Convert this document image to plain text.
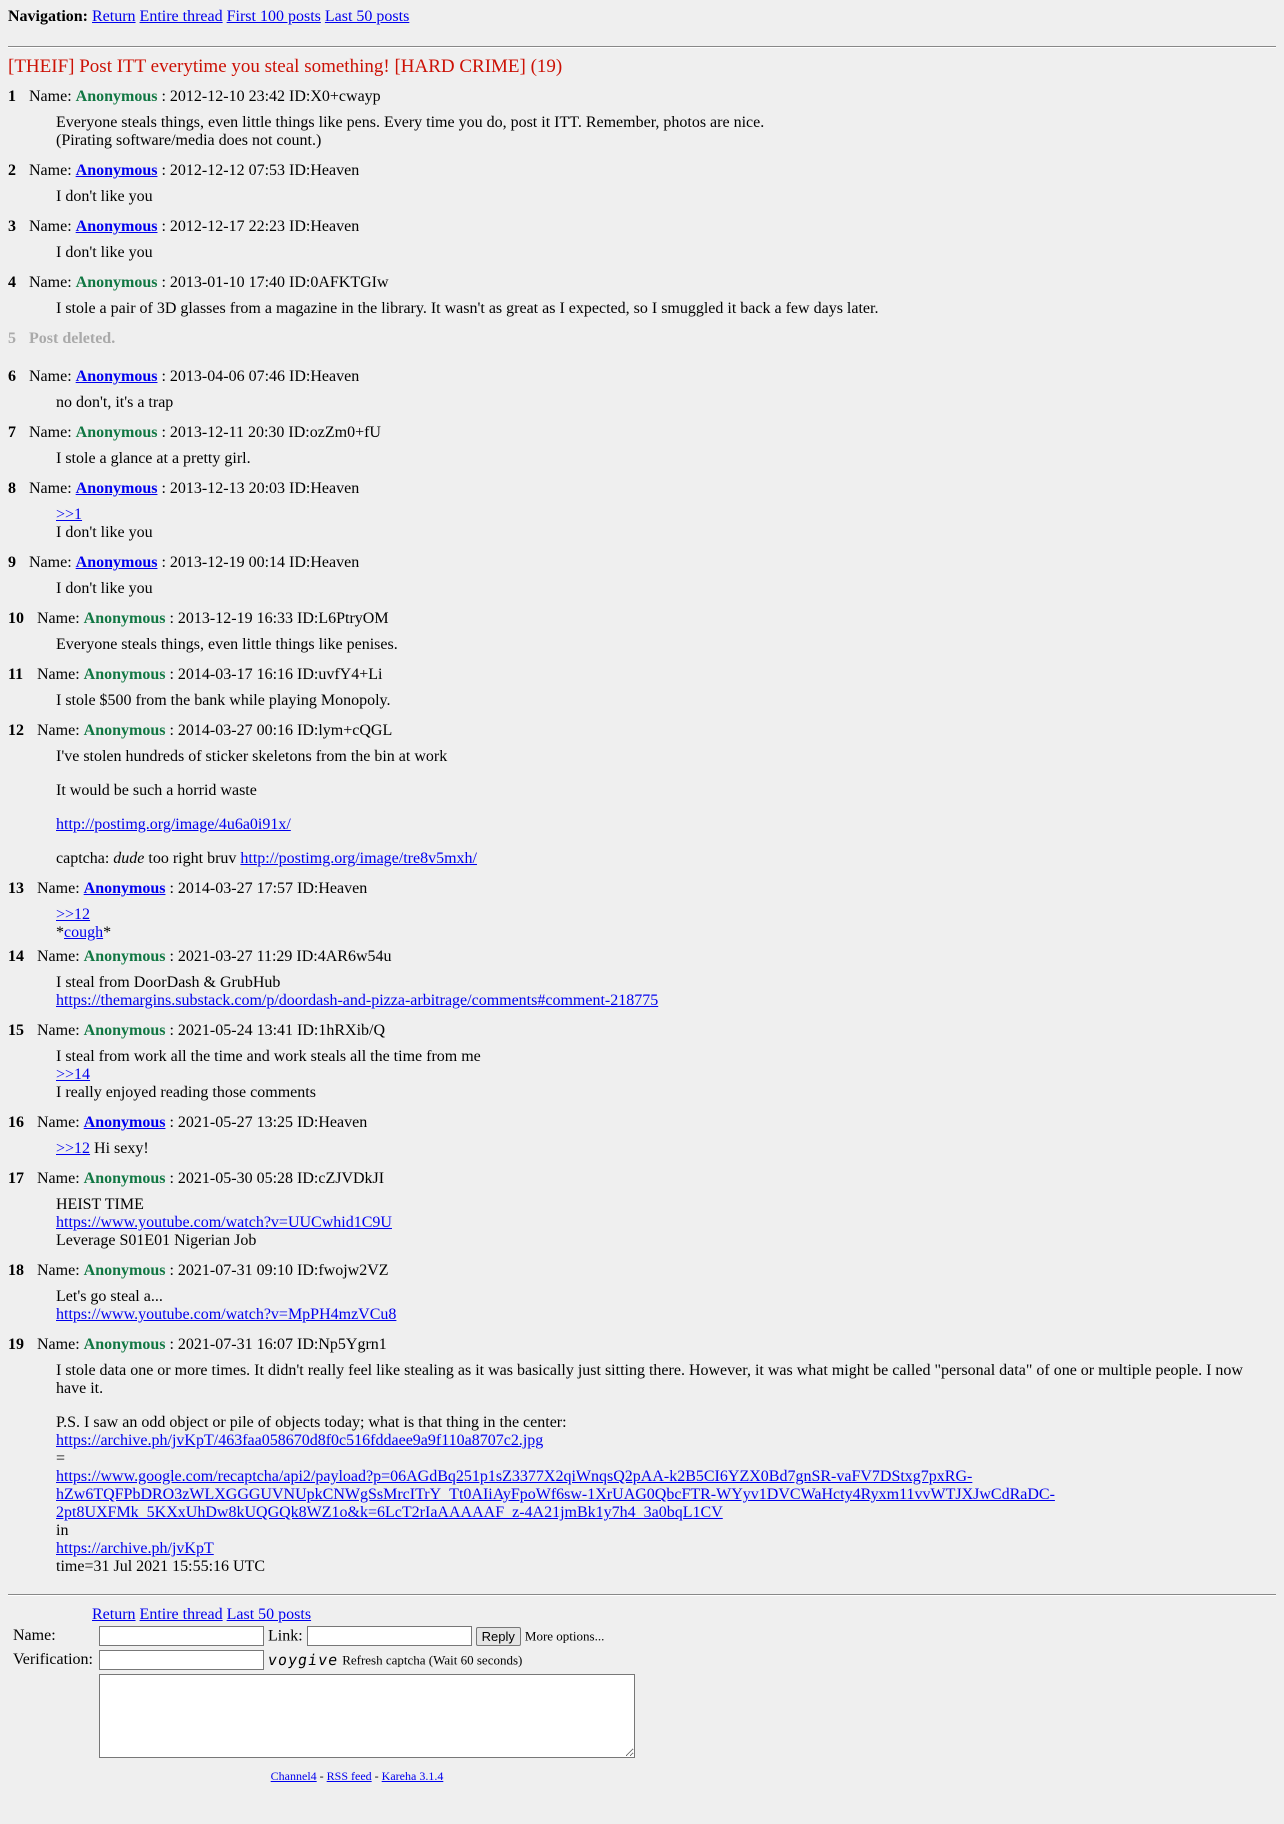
Navigation: Return Entire thread First 100 posts Last 50 posts
[THEIF] Post ITT everytime you steal something! [HARD CRIME] (19)
1
Name:
Anonymous
: 2012-12-10 23:42 ID:X0+cwayp
Everyone steals things, even little things like pens. Every time you do, post it ITT. Remember, photos are nice.
(Pirating software/media does not count.)
2
Name:
Anonymous
: 2012-12-12 07:53 ID:Heaven
I don't like you
3
Name:
Anonymous
: 2012-12-17 22:23 ID:Heaven
I don't like you
4
Name:
Anonymous
: 2013-01-10 17:40 ID:0AFKTGIw
I stole a pair of 3D glasses from a magazine in the library. It wasn't as great as I expected, so I smuggled it back a few days later.
5
Post deleted.
6
Name:
Anonymous
: 2013-04-06 07:46 ID:Heaven
no don't, it's a trap
7
Name:
Anonymous
: 2013-12-11 20:30 ID:ozZm0+fU
I stole a glance at a pretty girl.
8
Name:
Anonymous
: 2013-12-13 20:03 ID:Heaven
>>1
I don't like you
9
Name:
Anonymous
: 2013-12-19 00:14 ID:Heaven
I don't like you
10
Name:
Anonymous
: 2013-12-19 16:33 ID:L6PtryOM
Everyone steals things, even little things like penises.
11
Name:
Anonymous
: 2014-03-17 16:16 ID:uvfY4+Li
I stole $500 from the bank while playing Monopoly.
12
Name:
Anonymous
: 2014-03-27 00:16 ID:lym+cQGL

I've stolen hundreds of sticker skeletons from the bin at work

It would be such a horrid waste

http://postimg.org/image/4u6a0i91x/

captcha: dude too right bruv http://postimg.org/image/tre8v5mxh/

13
Name:
Anonymous
: 2014-03-27 17:57 ID:Heaven
>>12
*cough*
14
Name:
Anonymous
: 2021-03-27 11:29 ID:4AR6w54u
I steal from DoorDash & GrubHub
https://themargins.substack.com/p/doordash-and-pizza-arbitrage/comments#comment-218775
15
Name:
Anonymous
: 2021-05-24 13:41 ID:1hRXib/Q
I steal from work all the time and work steals all the time from me
>>14
I really enjoyed reading those comments
16
Name:
Anonymous
: 2021-05-27 13:25 ID:Heaven
>>12 Hi sexy!
17
Name:
Anonymous
: 2021-05-30 05:28 ID:cZJVDkJI
HEIST TIME
https://www.youtube.com/watch?v=UUCwhid1C9U
Leverage S01E01 Nigerian Job
18
Name:
Anonymous
: 2021-07-31 09:10 ID:fwojw2VZ
Let's go steal a...
https://www.youtube.com/watch?v=MpPH4mzVCu8
19
Name:
Anonymous
: 2021-07-31 16:07 ID:Np5Ygrn1

I stole data one or more times. It didn't really feel like stealing as it was basically just sitting there. However, it was what might be called "personal data" of one or multiple people. I now have it.

P.S. I saw an odd object or pile of objects today; what is that thing in the center:
https://archive.ph/jvKpT/463faa058670d8f0c516fddaee9a9f110a8707c2.jpg
=
https://www.google.com/recaptcha/api2/payload?p=06AGdBq251p1sZ3377X2qiWnqsQ2pAA-k2B5CI6YZX0Bd7gnSR-vaFV7DStxg7pxRG-
hZw6TQFPbDRO3zWLXGGGUVNUpkCNWgSsMrcITrY_Tt0AIiAyFpoWf6sw-1XrUAG0QbcFTR-WYyv1DVCWaHcty4Ryxm11vvWTJXJwCdRaDC-
2pt8UXFMk_5KXxUhDw8kUQGQk8WZ1o&k=6LcT2rIaAAAAAF_z-4A21jmBk1y7h4_3a0bqL1CV
in
https://archive.ph/jvKpT
time=31 Jul 2021 15:55:16 UTC
Return Entire thread Last 50 posts
Name:	Link: Reply More options...
Verification:	voygive Refresh captcha (Wait 60 seconds)

Channel4 - RSS feed - Kareha 3.1.4
